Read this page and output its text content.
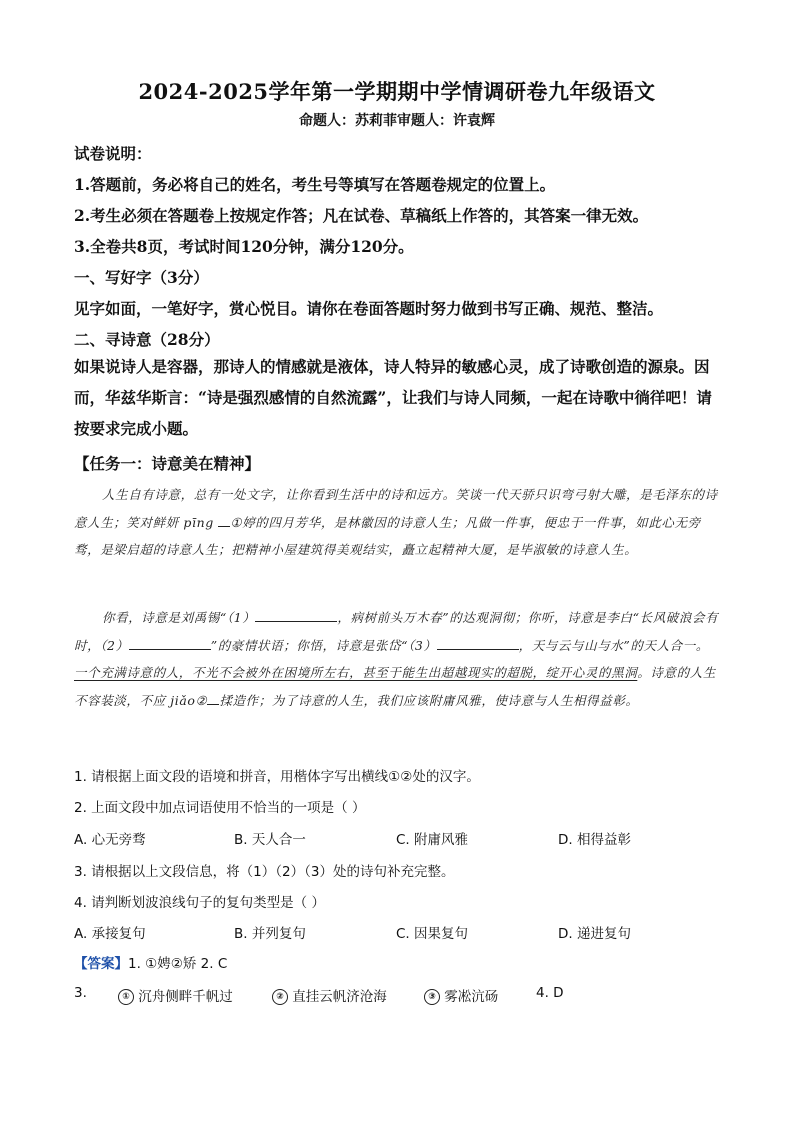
2024-2025学年第一学期期中学情调研卷九年级语文
命题人：苏莉菲审题人：许袁辉
试卷说明：
1.答题前，务必将自己的姓名，考生号等填写在答题卷规定的位置上。
2.考生必须在答题卷上按规定作答；凡在试卷、草稿纸上作答的，其答案一律无效。
3.全卷共8页，考试时间120分钟，满分120分。
一、写好字（3分）
见字如面，一笔好字，赏心悦目。请你在卷面答题时努力做到书写正确、规范、整洁。
二、寻诗意（28分）
如果说诗人是容器，那诗人的情感就是液体，诗人特异的敏感心灵，成了诗歌创造的源泉。因而，华兹华斯言：“诗是强烈感情的自然流露”，让我们与诗人同频，一起在诗歌中徜徉吧！请按要求完成小题。
【任务一：诗意美在精神】
人生自有诗意，总有一处文字，让你看到生活中的诗和远方。笑谈一代天骄只识弯弓射大雕，是毛泽东的诗意人生；笑对鲜妍 pīng ①婷的四月芳华，是林徽因的诗意人生；凡做一件事，便忠于一件事，如此心无旁骛，是梁启超的诗意人生；把精神小屋建筑得美观结实，矗立起精神大厦，是毕淑敏的诗意人生。
你看，诗意是刘禹锡“（1）	，病树前头万木春”的达观洞彻；你听，诗意是李白“长风破浪会有时，（2）	”的豪情状语；你悟，诗意是张岱“（3）	，天与云与山与水”的天人合一。一个充满诗意的人，不光不会被外在困境所左右，甚至于能生出超越现实的超脱，绽开心灵的黑洞。诗意的人生不容装淡，不应 jiǎo② 揉造作；为了诗意的人生，我们应该附庸风雅，使诗意与人生相得益彰。
1. 请根据上面文段的语境和拼音，用楷体字写出横线①②处的汉字。
2. 上面文段中加点词语使用不恰当的一项是（ ）
A. 心无旁骛	B. 天人合一	C. 附庸风雅	D. 相得益彰
3. 请根据以上文段信息，将（1）（2）（3）处的诗句补充完整。
4. 请判断划波浪线句子的复句类型是（ ）
A. 承接复句	B. 并列复句	C. 因果复句	D. 递进复句
【答案】1. ①娉②矫 2. C
3.	① 沉舟侧畔千帆过	② 直挂云帆济沧海	③ 雾凇沆砀	4. D
